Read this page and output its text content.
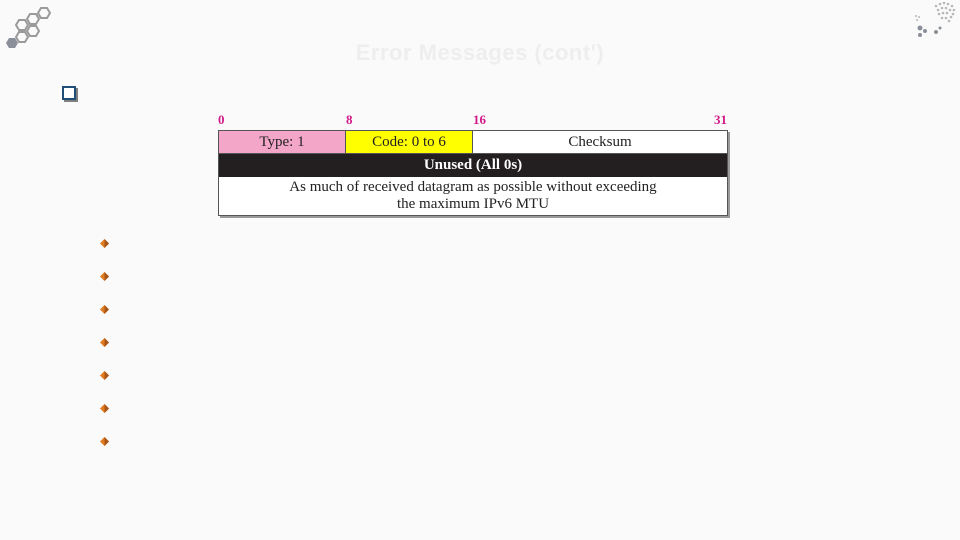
Error Messages (cont')
0	8	16	31
Type: 1	Code: 0 to 6	Checksum
Unused (All 0s)
As much of received datagram as possible without exceeding
the maximum IPv6 MTU
